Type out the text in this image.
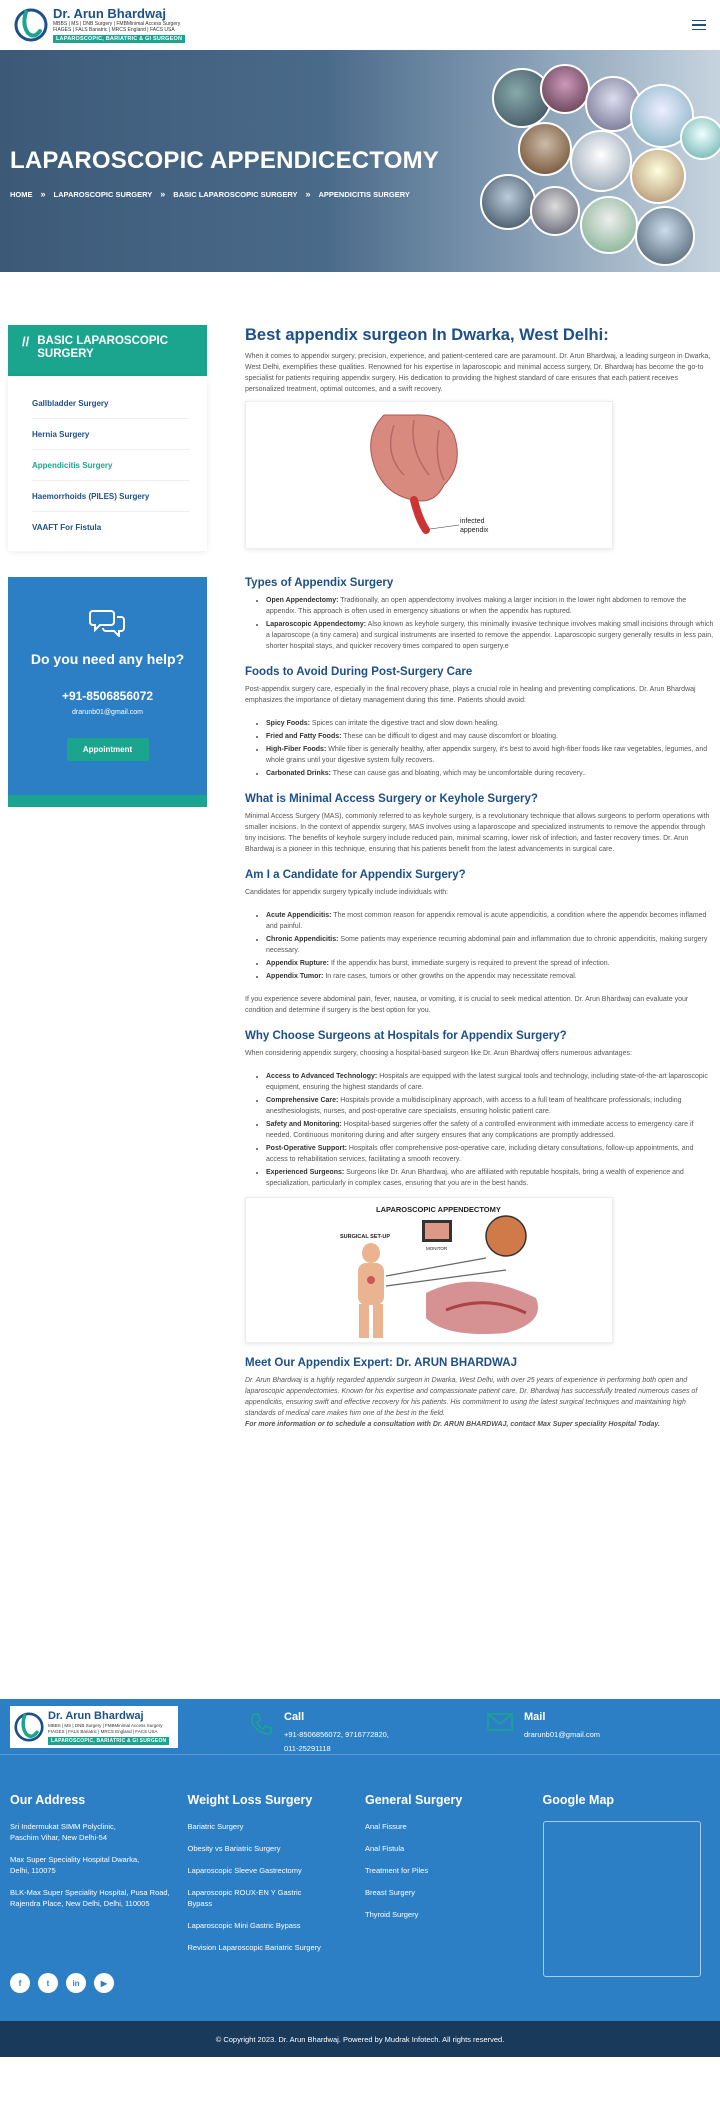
Dr. Arun Bhardwaj
MBBS | MS | DNB Surgery | FMBMinimal Access Surgery
FIAGES | FALS Bariatric | MRCS England | FACS USA
LAPAROSCOPIC, BARIATRIC & GI SURGEON
LAPAROSCOPIC APPENDICECTOMY
HOME » LAPAROSCOPIC SURGERY » BASIC LAPAROSCOPIC SURGERY » APPENDICITIS SURGERY
// BASIC LAPAROSCOPIC SURGERY
Gallbladder Surgery
Hernia Surgery
Appendicitis Surgery
Haemorrhoids (PILES) Surgery
VAAFT For Fistula
Do you need any help?
+91-8506856072
drarunb01@gmail.com
Appointment
Best appendix surgeon In Dwarka, West Delhi:

When it comes to appendix surgery, precision, experience, and patient-centered care are paramount. Dr. Arun Bhardwaj, a leading surgeon in Dwarka, West Delhi, exemplifies these qualities. Renowned for his expertise in laparoscopic and minimal access surgery, Dr. Bhardwaj has become the go-to specialist for patients requiring appendix surgery. His dedication to providing the highest standard of care ensures that each patient receives personalized treatment, optimal outcomes, and a swift recovery.

infected
appendix
Types of Appendix Surgery
• Open Appendectomy: Traditionally, an open appendectomy involves making a larger incision in the lower right abdomen to remove the appendix. This approach is often used in emergency situations or when the appendix has ruptured.
• Laparoscopic Appendectomy: Also known as keyhole surgery, this minimally invasive technique involves making small incisions through which a laparoscope (a tiny camera) and surgical instruments are inserted to remove the appendix. Laparoscopic surgery generally results in less pain, shorter hospital stays, and quicker recovery times compared to open surgery.e
Foods to Avoid During Post-Surgery Care

Post-appendix surgery care, especially in the final recovery phase, plays a crucial role in healing and preventing complications. Dr. Arun Bhardwaj emphasizes the importance of dietary management during this time. Patients should avoid:

• Spicy Foods: Spices can irritate the digestive tract and slow down healing.
• Fried and Fatty Foods: These can be difficult to digest and may cause discomfort or bloating.
• High-Fiber Foods: While fiber is generally healthy, after appendix surgery, it's best to avoid high-fiber foods like raw vegetables, legumes, and whole grains until your digestive system fully recovers.
• Carbonated Drinks: These can cause gas and bloating, which may be uncomfortable during recovery..
What is Minimal Access Surgery or Keyhole Surgery?

Minimal Access Surgery (MAS), commonly referred to as keyhole surgery, is a revolutionary technique that allows surgeons to perform operations with smaller incisions. In the context of appendix surgery, MAS involves using a laparoscope and specialized instruments to remove the appendix through tiny incisions. The benefits of keyhole surgery include reduced pain, minimal scarring, lower risk of infection, and faster recovery times. Dr. Arun Bhardwaj is a pioneer in this technique, ensuring that his patients benefit from the latest advancements in surgical care.

Am I a Candidate for Appendix Surgery?

Candidates for appendix surgery typically include individuals with:

• Acute Appendicitis: The most common reason for appendix removal is acute appendicitis, a condition where the appendix becomes inflamed and painful.
• Chronic Appendicitis: Some patients may experience recurring abdominal pain and inflammation due to chronic appendicitis, making surgery necessary.
• Appendix Rupture: If the appendix has burst, immediate surgery is required to prevent the spread of infection.
• Appendix Tumor: In rare cases, tumors or other growths on the appendix may necessitate removal.

If you experience severe abdominal pain, fever, nausea, or vomiting, it is crucial to seek medical attention. Dr. Arun Bhardwaj can evaluate your condition and determine if surgery is the best option for you.

Why Choose Surgeons at Hospitals for Appendix Surgery?

When considering appendix surgery, choosing a hospital-based surgeon like Dr. Arun Bhardwaj offers numerous advantages:

• Access to Advanced Technology: Hospitals are equipped with the latest surgical tools and technology, including state-of-the-art laparoscopic equipment, ensuring the highest standards of care.
• Comprehensive Care: Hospitals provide a multidisciplinary approach, with access to a full team of healthcare professionals, including anesthesiologists, nurses, and post-operative care specialists, ensuring holistic patient care.
• Safety and Monitoring: Hospital-based surgeries offer the safety of a controlled environment with immediate access to emergency care if needed. Continuous monitoring during and after surgery ensures that any complications are promptly addressed.
• Post-Operative Support: Hospitals offer comprehensive post-operative care, including dietary consultations, follow-up appointments, and access to rehabilitation services, facilitating a smooth recovery.
• Experienced Surgeons: Surgeons like Dr. Arun Bhardwaj, who are affiliated with reputable hospitals, bring a wealth of experience and specialization, particularly in complex cases, ensuring that you are in the best hands.
LAPAROSCOPIC APPENDECTOMY
SURGICAL SET-UP
MONITOR
Meet Our Appendix Expert: Dr. ARUN BHARDWAJ

Dr. Arun Bhardwaj is a highly regarded appendix surgeon in Dwarka, West Delhi, with over 25 years of experience in performing both open and laparoscopic appendectomies. Known for his expertise and compassionate patient care, Dr. Bhardwaj has successfully treated numerous cases of appendicitis, ensuring swift and effective recovery for his patients. His commitment to using the latest surgical techniques and maintaining high standards of medical care makes him one of the best in the field.

For more information or to schedule a consultation with Dr. ARUN BHARDWAJ, contact Max Super speciality Hospital Today.

Dr. Arun Bhardwaj
MBBS | MS | DNB Surgery | FMBMinimal Access Surgery
FIAGES | FALS Bariatric | MRCS England | FACS USA
LAPAROSCOPIC, BARIATRIC & GI SURGEON
Call
+91-8506856072, 9716772820,
011-25291118
Mail
drarunb01@gmail.com
Our Address
Sri Indermukat SIMM Polyclinic, Paschim Vihar, New Delhi-54
Max Super Speciality Hospital Dwarka, Delhi, 110075
BLK-Max Super Speciality Hospital, Pusa Road, Rajendra Place, New Delhi, Delhi, 110005
Weight Loss Surgery
Bariatric Surgery
Obesity vs Bariatric Surgery
Laparoscopic Sleeve Gastrectomy
Laparoscopic ROUX-EN Y Gastric Bypass
Laparoscopic Mini Gastric Bypass
Revision Laparoscopic Bariatric Surgery
General Surgery
Anal Fissure
Anal Fistula
Treatment for Piles
Breast Surgery
Thyroid Surgery
Google Map
f	t	in	▶
© Copyright 2023. Dr. Arun Bhardwaj. Powered by Mudrak Infotech. All rights reserved.
